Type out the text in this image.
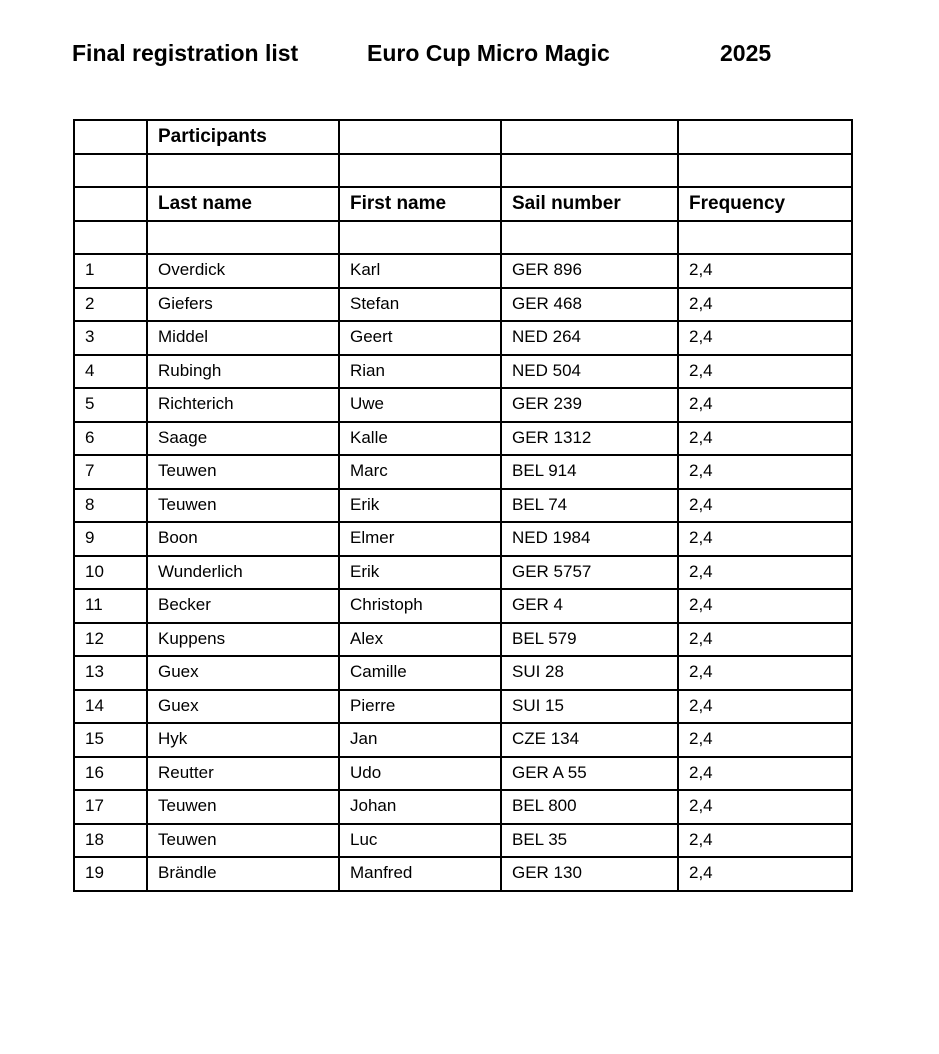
Final registration list	Euro Cup Micro Magic	2025
	Participants			

	Last name	First name	Sail number	Frequency

1	Overdick	Karl	GER 896	2,4
2	Giefers	Stefan	GER 468	2,4
3	Middel	Geert	NED 264	2,4
4	Rubingh	Rian	NED 504	2,4
5	Richterich	Uwe	GER 239	2,4
6	Saage	Kalle	GER 1312	2,4
7	Teuwen	Marc	BEL 914	2,4
8	Teuwen	Erik	BEL 74	2,4
9	Boon	Elmer	NED 1984	2,4
10	Wunderlich	Erik	GER 5757	2,4
11	Becker	Christoph	GER 4	2,4
12	Kuppens	Alex	BEL 579	2,4
13	Guex	Camille	SUI 28	2,4
14	Guex	Pierre	SUI 15	2,4
15	Hyk	Jan	CZE 134	2,4
16	Reutter	Udo	GER A 55	2,4
17	Teuwen	Johan	BEL 800	2,4
18	Teuwen	Luc	BEL 35	2,4
19	Brändle	Manfred	GER 130	2,4
